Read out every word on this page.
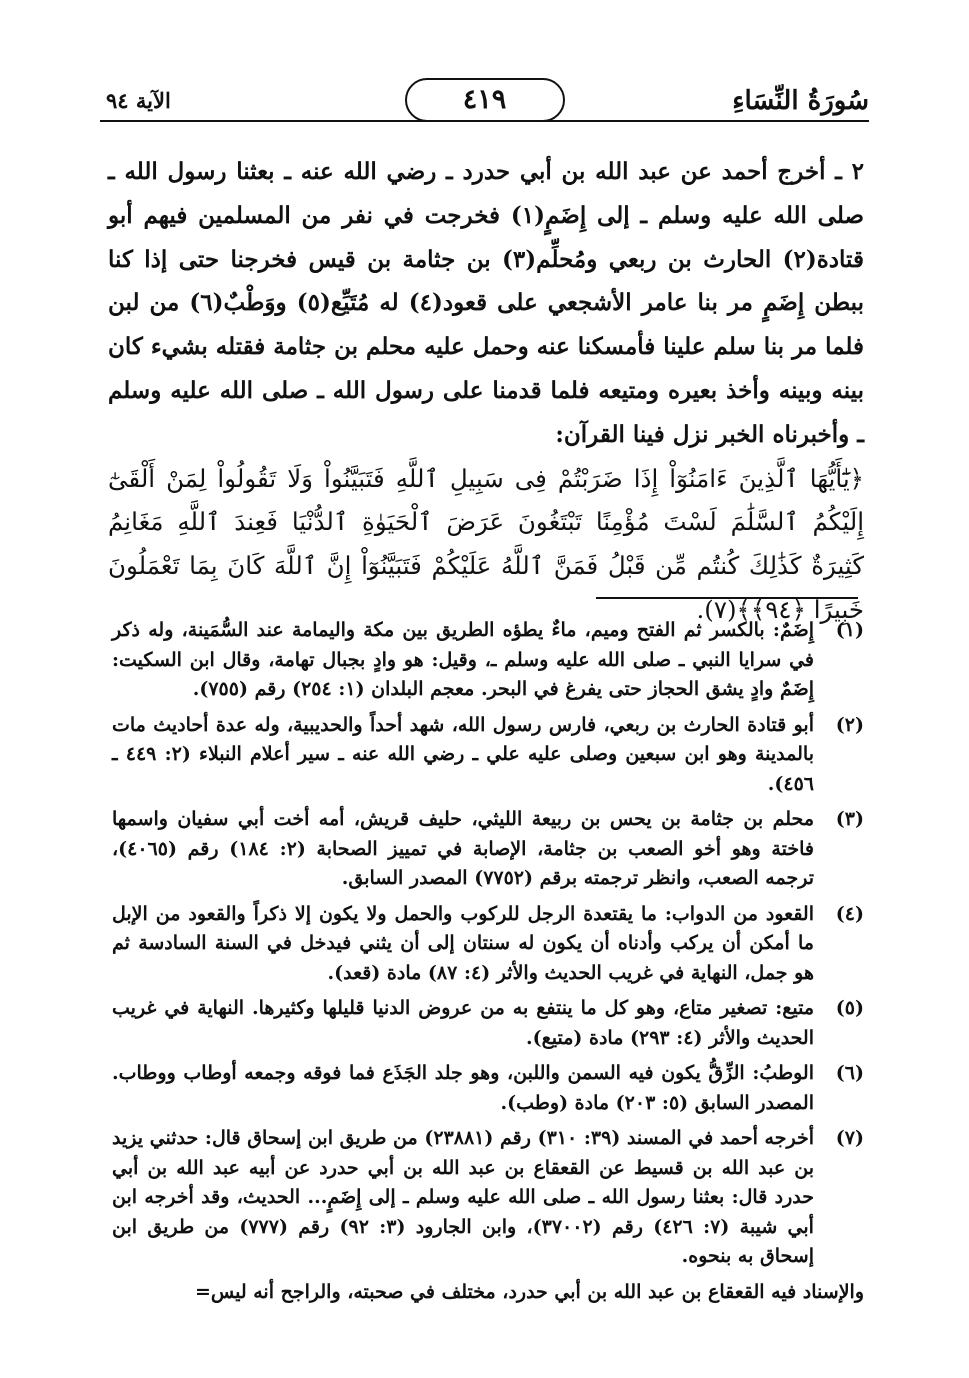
سُورَةُ النِّسَاءِ
٤١٩
الآية ٩٤

٢ ـ أخرج أحمد عن عبد الله بن أبي حدرد ـ رضي الله عنه ـ بعثنا رسول الله ـ صلى الله عليه وسلم ـ إلى إِضَمٍ(١) فخرجت في نفر من المسلمين فيهم أبو قتادة(٢) الحارث بن ربعي ومُحلِّم(٣) بن جثامة بن قيس فخرجنا حتى إذا كنا ببطن إِضَمٍ مر بنا عامر الأشجعي على قعود(٤) له مُتَيِّع(٥) ووَطْبٌ(٦) من لبن فلما مر بنا سلم علينا فأمسكنا عنه وحمل عليه محلم بن جثامة فقتله بشيء كان بينه وبينه وأخذ بعيره ومتيعه فلما قدمنا على رسول الله ـ صلى الله عليه وسلم ـ وأخبرناه الخبر نزل فينا القرآن:

﴿يَٰٓأَيُّهَا ٱلَّذِينَ ءَامَنُوٓاْ إِذَا ضَرَبْتُمْ فِى سَبِيلِ ٱللَّهِ فَتَبَيَّنُواْ وَلَا تَقُولُواْ لِمَنْ أَلْقَىٰٓ إِلَيْكُمُ ٱلسَّلَٰمَ لَسْتَ مُؤْمِنًا تَبْتَغُونَ عَرَضَ ٱلْحَيَوٰةِ ٱلدُّنْيَا فَعِندَ ٱللَّهِ مَغَانِمُ كَثِيرَةٌ كَذَٰلِكَ كُنتُم مِّن قَبْلُ فَمَنَّ ٱللَّهُ عَلَيْكُمْ فَتَبَيَّنُوٓاْ إِنَّ ٱللَّهَ كَانَ بِمَا تَعْمَلُونَ خَبِيرًا ﴿٩٤﴾﴾(٧).

(١)
إِضَمٌ: بالكسر ثم الفتح وميم، ماءٌ يطؤه الطريق بين مكة واليمامة عند السُّمَينة، وله ذكر في سرايا النبي ـ صلى الله عليه وسلم ـ، وقيل: هو وادٍ بجبال تهامة، وقال ابن السكيت: إِضَمٌ وادٍ يشق الحجاز حتى يفرغ في البحر. معجم البلدان (١: ٢٥٤) رقم (٧٥٥).
(٢)
أبو قتادة الحارث بن ربعي، فارس رسول الله، شهد أحداً والحديبية، وله عدة أحاديث مات بالمدينة وهو ابن سبعين وصلى عليه علي ـ رضي الله عنه ـ سير أعلام النبلاء (٢: ٤٤٩ ـ ٤٥٦).
(٣)
محلم بن جثامة بن يحس بن ربيعة الليثي، حليف قريش، أمه أخت أبي سفيان واسمها فاختة وهو أخو الصعب بن جثامة، الإصابة في تمييز الصحابة (٢: ١٨٤) رقم (٤٠٦٥)، ترجمه الصعب، وانظر ترجمته برقم (٧٧٥٢) المصدر السابق.
(٤)
القعود من الدواب: ما يقتعدة الرجل للركوب والحمل ولا يكون إلا ذكراً والقعود من الإبل ما أمكن أن يركب وأدناه أن يكون له سنتان إلى أن يثني فيدخل في السنة السادسة ثم هو جمل، النهاية في غريب الحديث والأثر (٤: ٨٧) مادة (قعد).
(٥)
متيع: تصغير متاع، وهو كل ما ينتفع به من عروض الدنيا قليلها وكثيرها. النهاية في غريب الحديث والأثر (٤: ٢٩٣) مادة (متيع).
(٦)
الوطبُ: الزِّقُّ يكون فيه السمن واللبن، وهو جلد الجَذَع فما فوقه وجمعه أوطاب ووطاب. المصدر السابق (٥: ٢٠٣) مادة (وطب).
(٧)
أخرجه أحمد في المسند (٣٩: ٣١٠) رقم (٢٣٨٨١) من طريق ابن إسحاق قال: حدثني يزيد بن عبد الله بن قسيط عن القعقاع بن عبد الله بن أبي حدرد عن أبيه عبد الله بن أبي حدرد قال: بعثنا رسول الله ـ صلى الله عليه وسلم ـ إلى إِضَمٍ... الحديث، وقد أخرجه ابن أبي شيبة (٧: ٤٢٦) رقم (٣٧٠٠٢)، وابن الجارود (٣: ٩٢) رقم (٧٧٧) من طريق ابن إسحاق به بنحوه.
والإسناد فيه القعقاع بن عبد الله بن أبي حدرد، مختلف في صحبته، والراجح أنه ليس=
